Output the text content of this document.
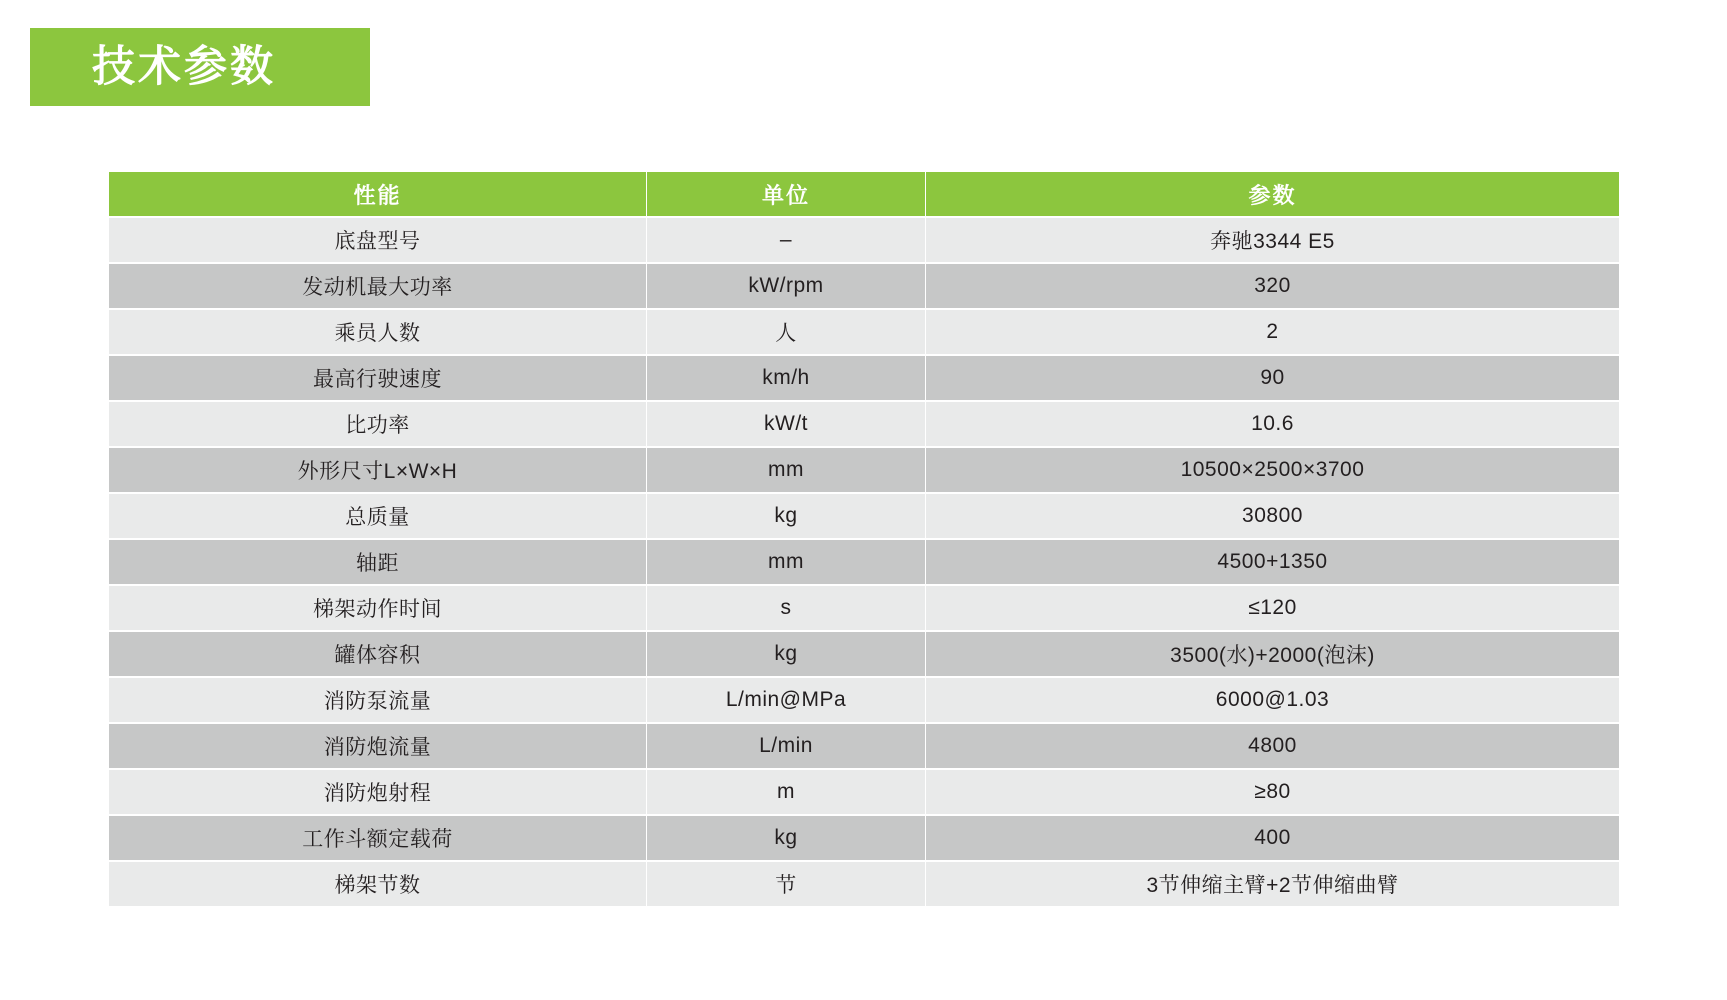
技术参数
性能	单位	参数
底盘型号	–	奔驰3344 E5
发动机最大功率	kW/rpm	320
乘员人数	人	2
最高行驶速度	km/h	90
比功率	kW/t	10.6
外形尺寸L×W×H	mm	10500×2500×3700
总质量	kg	30800
轴距	mm	4500+1350
梯架动作时间	s	≤120
罐体容积	kg	3500(水)+2000(泡沫)
消防泵流量	L/min@MPa	6000@1.03
消防炮流量	L/min	4800
消防炮射程	m	≥80
工作斗额定载荷	kg	400
梯架节数	节	3节伸缩主臂+2节伸缩曲臂
